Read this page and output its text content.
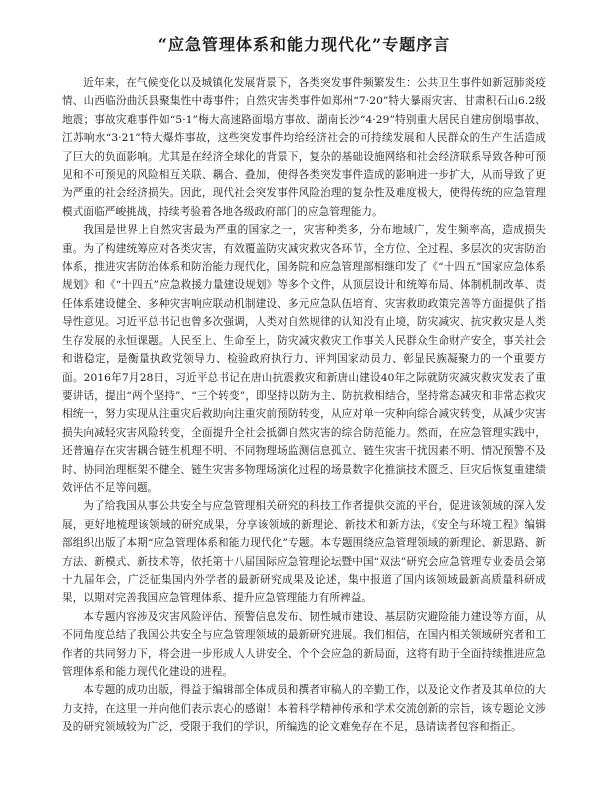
“应急管理体系和能力现代化”专题序言

近年来，在气候变化以及城镇化发展背景下，各类突发事件频繁发生：公共卫生事件如新冠肺炎疫情、山西临汾曲沃县聚集性中毒事件；自然灾害类事件如郑州“7·20”特大暴雨灾害、甘肃积石山6.2级地震；事故灾难事件如“5·1”梅大高速路面塌方事故、湖南长沙“4·29”特别重大居民自建房倒塌事故、江苏响水“3·21”特大爆炸事故，这些突发事件均给经济社会的可持续发展和人民群众的生产生活造成了巨大的负面影响。尤其是在经济全球化的背景下，复杂的基础设施网络和社会经济联系导致各种可预见和不可预见的风险相互关联、耦合、叠加，使得各类突发事件造成的影响进一步扩大，从而导致了更为严重的社会经济损失。因此，现代社会突发事件风险治理的复杂性及难度极大，使得传统的应急管理模式面临严峻挑战，持续考验着各地各级政府部门的应急管理能力。

我国是世界上自然灾害最为严重的国家之一，灾害种类多，分布地域广，发生频率高，造成损失重。为了构建统筹应对各类灾害，有效覆盖防灾减灾救灾各环节，全方位、全过程、多层次的灾害防治体系，推进灾害防治体系和防治能力现代化，国务院和应急管理部相继印发了《“十四五”国家应急体系规划》和《“十四五”应急救援力量建设规划》等多个文件，从顶层设计和统筹布局、体制机制改革、责任体系建设健全、多种灾害响应联动机制建设、多元应急队伍培育、灾害救助政策完善等方面提供了指导性意见。习近平总书记也曾多次强调，人类对自然规律的认知没有止境，防灾减灾、抗灾救灾是人类生存发展的永恒课题。人民至上、生命至上，防灾减灾救灾工作事关人民群众生命财产安全，事关社会和谐稳定，是衡量执政党领导力、检验政府执行力、评判国家动员力、彰显民族凝聚力的一个重要方面。2016年7月28日，习近平总书记在唐山抗震救灾和新唐山建设40年之际就防灾减灾救灾发表了重要讲话，提出“两个坚持”、“三个转变”，即坚持以防为主、防抗救相结合，坚持常态减灾和非常态救灾相统一，努力实现从注重灾后救助向注重灾前预防转变，从应对单一灾种向综合减灾转变，从减少灾害损失向减轻灾害风险转变，全面提升全社会抵御自然灾害的综合防范能力。然而，在应急管理实践中，还普遍存在灾害耦合链生机理不明、不同物理场监测信息孤立、链生灾害干扰因素不明、情况预警不及时、协同治理框架不健全、链生灾害多物理场演化过程的场景数字化推演技术匮乏、巨灾后恢复重建绩效评估不足等问题。

为了给我国从事公共安全与应急管理相关研究的科技工作者提供交流的平台，促进该领域的深入发展，更好地梳理该领域的研究成果，分享该领域的新理论、新技术和新方法，《安全与环境工程》编辑部组织出版了本期“应急管理体系和能力现代化”专题。本专题围绕应急管理领域的新理论、新思路、新方法、新模式、新技术等，依托第十八届国际应急管理论坛暨中国“双法”研究会应急管理专业委员会第十九届年会，广泛征集国内外学者的最新研究成果及论述，集中报道了国内该领域最新高质量科研成果，以期对完善我国应急管理体系、提升应急管理能力有所裨益。

本专题内容涉及灾害风险评估、预警信息发布、韧性城市建设、基层防灾避险能力建设等方面，从不同角度总结了我国公共安全与应急管理领域的最新研究进展。我们相信，在国内相关领域研究者和工作者的共同努力下，将会进一步形成人人讲安全、个个会应急的新局面，这将有助于全面持续推进应急管理体系和能力现代化建设的进程。

本专题的成功出版，得益于编辑部全体成员和撰者审稿人的辛勤工作，以及论文作者及其单位的大力支持，在这里一并向他们表示衷心的感谢！本着科学精神传承和学术交流创新的宗旨，该专题论文涉及的研究领域较为广泛，受限于我们的学识，所编选的论文难免存在不足，恳请读者包容和指正。
